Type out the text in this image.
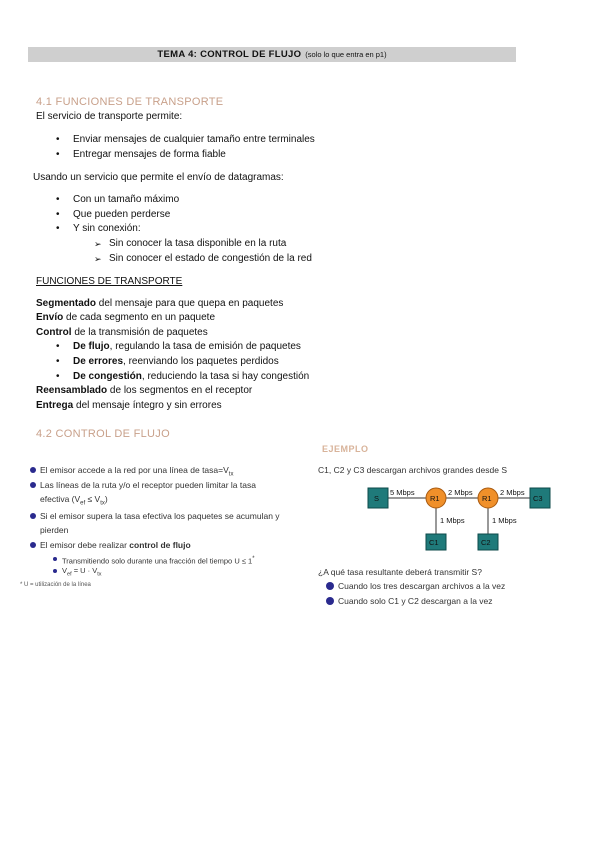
TEMA 4: CONTROL DE FLUJO (solo lo que entra en p1)
4.1 FUNCIONES DE TRANSPORTE
El servicio de transporte permite:
• Enviar mensajes de cualquier tamaño entre terminales
• Entregar mensajes de forma fiable
Usando un servicio que permite el envío de datagramas:
• Con un tamaño máximo
• Que pueden perderse
• Y sin conexión:
➢ Sin conocer la tasa disponible en la ruta
➢ Sin conocer el estado de congestión de la red
FUNCIONES DE TRANSPORTE
Segmentado del mensaje para que quepa en paquetes
Envío de cada segmento en un paquete
Control de la transmisión de paquetes
• De flujo, regulando la tasa de emisión de paquetes
• De errores, reenviando los paquetes perdidos
• De congestión, reduciendo la tasa si hay congestión
Reensamblado de los segmentos en el receptor
Entrega del mensaje íntegro y sin errores
4.2 CONTROL DE FLUJO
El emisor accede a la red por una línea de $tasa=V_{tx}$
Las líneas de la ruta y/o el receptor pueden limitar la tasa
efectiva $(V_{ef} \le V_{tx})$
Si el emisor supera la tasa efectiva los paquetes se acumulan y
pierden
El emisor debe realizar control de flujo
Transmitiendo solo durante una fracción del tiempo U ≤ 1*
$V_{ef} = U \cdot V_{tx}$
* U = utilización de la línea
EJEMPLO
C1, C2 y C3 descargan archivos grandes desde S
S	R1	R1	C3
C1	C2
5 Mbps	2 Mbps	2 Mbps
1 Mbps	1 Mbps
¿A qué tasa resultante deberá transmitir S?
Cuando los tres descargan archivos a la vez
Cuando solo C1 y C2 descargan a la vez
